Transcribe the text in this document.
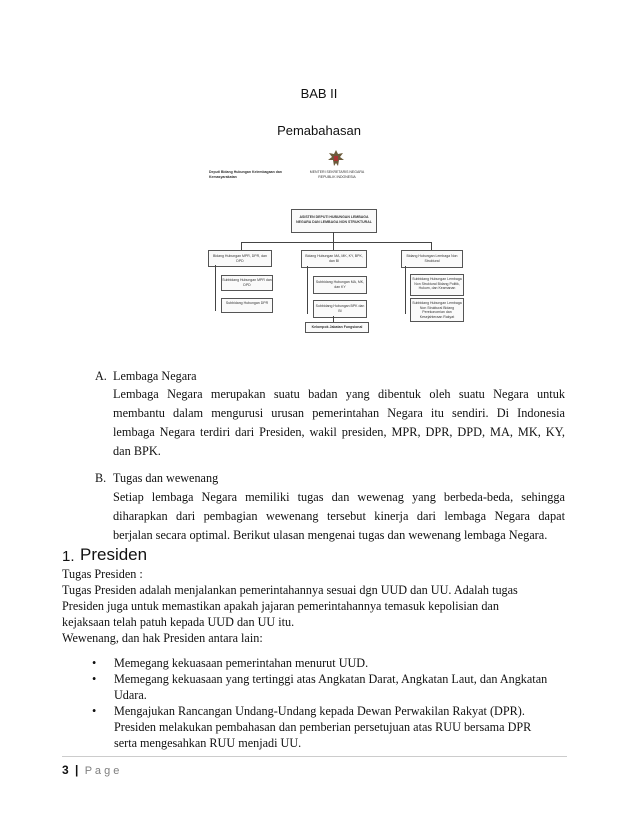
BAB II
Pemabahasan
Deputi Bidang Hubungan Kelembagaan dan Kemasyarakatan
MENTERI SEKRETARIS NEGARA
REPUBLIK INDONESIA
ASISTEN DEPUTI HUBUNGAN LEMBAGA NEGARA DAN LEMBAGA NON STRUKTURAL
Bidang Hubungan MPR, DPR, dan DPD
Subbidang Hubungan MPR dan DPD
Subbidang Hubungan DPR
Bidang Hubungan MA, MK, KY, BPK, dan BI
Subbidang Hubungan MA, MK, dan KY
Subbidang Hubungan BPK dan BI
Bidang Hubungan Lembaga Non Struktural
Subbidang Hubungan Lembaga Non Struktural Bidang Politik, Hukum, dan Keamanan
Subbidang Hubungan Lembaga Non Struktural Bidang Perekonomian dan Kesejahteraan Rakyat
Kelompok Jabatan Fungsional
A. Lembaga Negara

Lembaga Negara merupakan suatu badan yang dibentuk oleh suatu Negara untuk

membantu dalam mengurusi urusan pemerintahan Negara itu sendiri. Di Indonesia

lembaga Negara terdiri dari Presiden, wakil presiden, MPR, DPR, DPD, MA, MK, KY,

dan BPK.

B. Tugas dan wewenang

Setiap lembaga Negara memiliki tugas dan wewenag yang berbeda-beda, sehingga

diharapkan dari pembagian wewenang tersebut kinerja dari lembaga Negara dapat

berjalan secara optimal. Berikut ulasan mengenai tugas dan wewenang lembaga Negara.

1. Presiden
Tugas Presiden :
Tugas Presiden adalah menjalankan pemerintahannya sesuai dgn UUD dan UU. Adalah tugas
Presiden juga untuk memastikan apakah jajaran pemerintahannya temasuk kepolisian dan
kejaksaan telah patuh kepada UUD dan UU itu.
Wewenang, dan hak Presiden antara lain:
• Memegang kekuasaan pemerintahan menurut UUD.
• Memegang kekuasaan yang tertinggi atas Angkatan Darat, Angkatan Laut, dan Angkatan
Udara.
• Mengajukan Rancangan Undang-Undang kepada Dewan Perwakilan Rakyat (DPR).
Presiden melakukan pembahasan dan pemberian persetujuan atas RUU bersama DPR
serta mengesahkan RUU menjadi UU.
3 | P a g e
